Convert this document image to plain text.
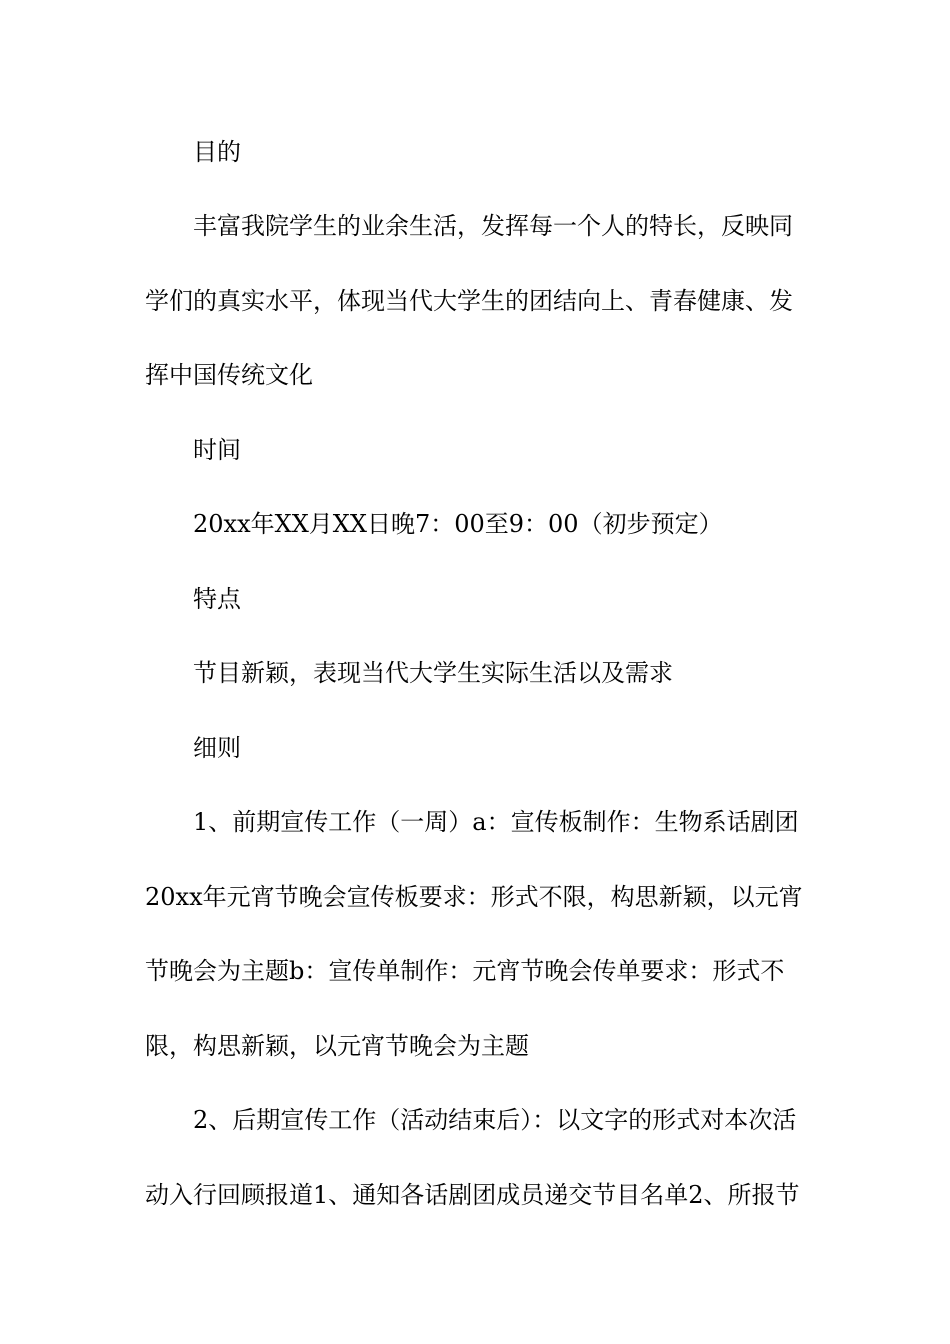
目的
丰富我院学生的业余生活，发挥每一个人的特长，反映同
学们的真实水平，体现当代大学生的团结向上、青春健康、发
挥中国传统文化
时间
20xx年XX月XX日晚7：00至9：00（初步预定）
特点
节目新颖，表现当代大学生实际生活以及需求
细则
1、前期宣传工作（一周）a：宣传板制作：生物系话剧团
20xx年元宵节晚会宣传板要求：形式不限，构思新颖，以元宵
节晚会为主题b：宣传单制作：元宵节晚会传单要求：形式不
限，构思新颖，以元宵节晚会为主题
2、后期宣传工作（活动结束后）：以文字的形式对本次活
动入行回顾报道1、通知各话剧团成员递交节目名单2、所报节
